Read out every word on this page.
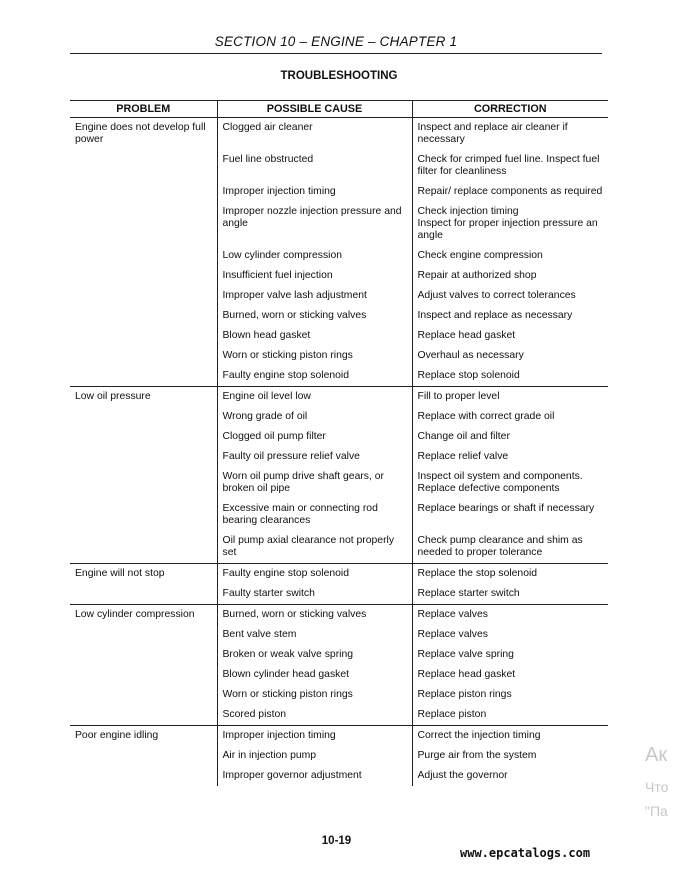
SECTION 10 – ENGINE – CHAPTER 1
TROUBLESHOOTING
PROBLEM	POSSIBLE CAUSE	CORRECTION
Engine does not develop full power	Clogged air cleaner	Inspect and replace air cleaner if necessary

	Fuel line obstructed	Check for crimped fuel line. Inspect fuel filter for cleanliness

	Improper injection timing	Repair/ replace components as required

	Improper nozzle injection pressure and angle	Check injection timing
Inspect for proper injection pressure an angle

	Low cylinder compression	Check engine compression

	Insufficient fuel injection	Repair at authorized shop

	Improper valve lash adjustment	Adjust valves to correct tolerances

	Burned, worn or sticking valves	Inspect and replace as necessary

	Blown head gasket	Replace head gasket

	Worn or sticking piston rings	Overhaul as necessary

	Faulty engine stop solenoid	Replace stop solenoid

Low oil pressure	Engine oil level low	Fill to proper level

	Wrong grade of oil	Replace with correct grade oil

	Clogged oil pump filter	Change oil and filter

	Faulty oil pressure relief valve	Replace relief valve

	Worn oil pump drive shaft gears, or broken oil pipe	Inspect oil system and components. Replace defective components

	Excessive main or connecting rod bearing clearances	Replace bearings or shaft if necessary

	Oil pump axial clearance not properly set	Check pump clearance and shim as needed to proper tolerance

Engine will not stop	Faulty engine stop solenoid	Replace the stop solenoid

	Faulty starter switch	Replace starter switch

Low cylinder compression	Burned, worn or sticking valves	Replace valves

	Bent valve stem	Replace valves

	Broken or weak valve spring	Replace valve spring

	Blown cylinder head gasket	Replace head gasket

	Worn or sticking piston rings	Replace piston rings

	Scored piston	Replace piston

Poor engine idling	Improper injection timing	Correct the injection timing

	Air in injection pump	Purge air from the system

	Improper governor adjustment	Adjust the governor
10-19
www.epcatalogs.com
Ак
Что
"Па
